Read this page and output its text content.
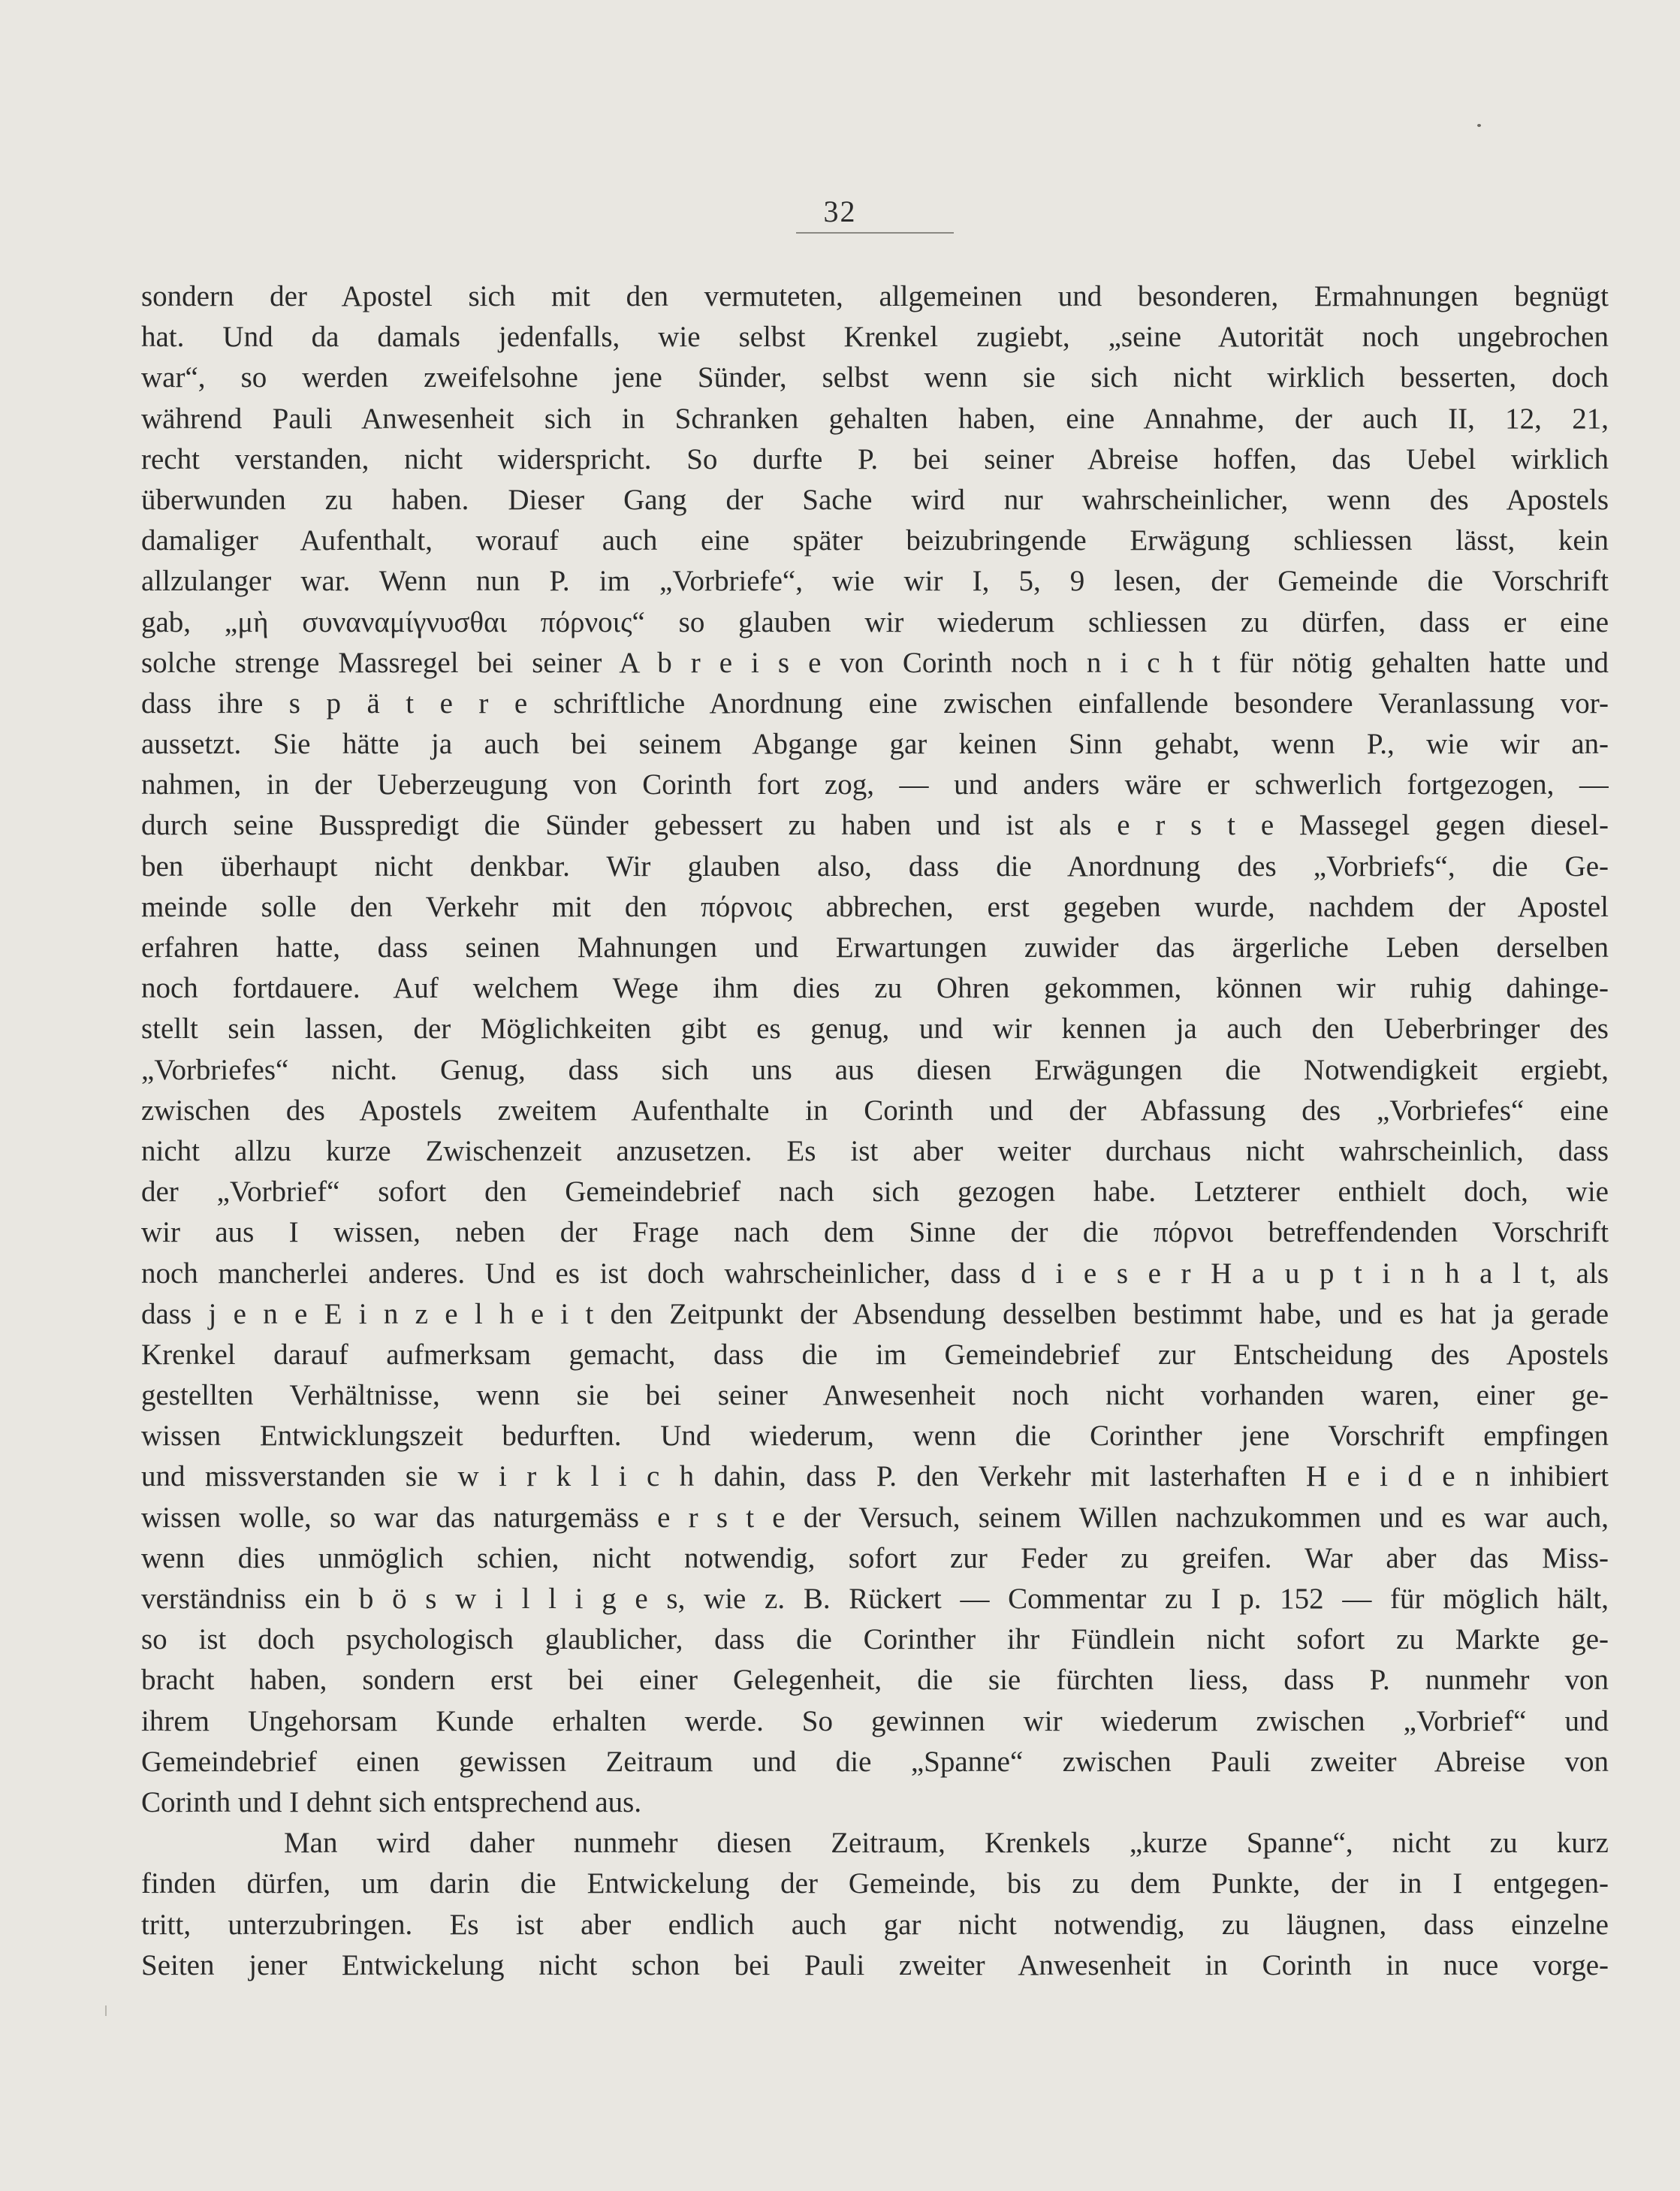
32
sondern der Apostel sich mit den vermuteten, allgemeinen und besonderen, Ermahnungen begnügt
hat. Und da damals jedenfalls, wie selbst Krenkel zugiebt, „seine Autorität noch ungebrochen
war“, so werden zweifelsohne jene Sünder, selbst wenn sie sich nicht wirklich besserten, doch
während Pauli Anwesenheit sich in Schranken gehalten haben, eine Annahme, der auch II, 12, 21,
recht verstanden, nicht widerspricht. So durfte P. bei seiner Abreise hoffen, das Uebel wirklich
überwunden zu haben. Dieser Gang der Sache wird nur wahrscheinlicher, wenn des Apostels
damaliger Aufenthalt, worauf auch eine später beizubringende Erwägung schliessen lässt, kein
allzulanger war. Wenn nun P. im „Vorbriefe“, wie wir I, 5, 9 lesen, der Gemeinde die Vorschrift
gab, „μὴ συναναμίγνυσθαι πόρνοις“ so glauben wir wiederum schliessen zu dürfen, dass er eine
solche strenge Massregel bei seiner A b r e i s e von Corinth noch n i c h t für nötig gehalten hatte und
dass ihre s p ä t e r e schriftliche Anordnung eine zwischen einfallende besondere Veranlassung vor-
aussetzt. Sie hätte ja auch bei seinem Abgange gar keinen Sinn gehabt, wenn P., wie wir an-
nahmen, in der Ueberzeugung von Corinth fort zog, — und anders wäre er schwerlich fortgezogen, —
durch seine Busspredigt die Sünder gebessert zu haben und ist als e r s t e Massegel gegen diesel-
ben überhaupt nicht denkbar. Wir glauben also, dass die Anordnung des „Vorbriefs“, die Ge-
meinde solle den Verkehr mit den πόρνοις abbrechen, erst gegeben wurde, nachdem der Apostel
erfahren hatte, dass seinen Mahnungen und Erwartungen zuwider das ärgerliche Leben derselben
noch fortdauere. Auf welchem Wege ihm dies zu Ohren gekommen, können wir ruhig dahinge-
stellt sein lassen, der Möglichkeiten gibt es genug, und wir kennen ja auch den Ueberbringer des
„Vorbriefes“ nicht. Genug, dass sich uns aus diesen Erwägungen die Notwendigkeit ergiebt,
zwischen des Apostels zweitem Aufenthalte in Corinth und der Abfassung des „Vorbriefes“ eine
nicht allzu kurze Zwischenzeit anzusetzen. Es ist aber weiter durchaus nicht wahrscheinlich, dass
der „Vorbrief“ sofort den Gemeindebrief nach sich gezogen habe. Letzterer enthielt doch, wie
wir aus I wissen, neben der Frage nach dem Sinne der die πόρνοι betreffendenden Vorschrift
noch mancherlei anderes. Und es ist doch wahrscheinlicher, dass d i e s e r H a u p t i n h a l t, als
dass j e n e E i n z e l h e i t den Zeitpunkt der Absendung desselben bestimmt habe, und es hat ja gerade
Krenkel darauf aufmerksam gemacht, dass die im Gemeindebrief zur Entscheidung des Apostels
gestellten Verhältnisse, wenn sie bei seiner Anwesenheit noch nicht vorhanden waren, einer ge-
wissen Entwicklungszeit bedurften. Und wiederum, wenn die Corinther jene Vorschrift empfingen
und missverstanden sie w i r k l i c h dahin, dass P. den Verkehr mit lasterhaften H e i d e n inhibiert
wissen wolle, so war das naturgemäss e r s t e der Versuch, seinem Willen nachzukommen und es war auch,
wenn dies unmöglich schien, nicht notwendig, sofort zur Feder zu greifen. War aber das Miss-
verständniss ein b ö s w i l l i g e s, wie z. B. Rückert — Commentar zu I p. 152 — für möglich hält,
so ist doch psychologisch glaublicher, dass die Corinther ihr Fündlein nicht sofort zu Markte ge-
bracht haben, sondern erst bei einer Gelegenheit, die sie fürchten liess, dass P. nunmehr von
ihrem Ungehorsam Kunde erhalten werde. So gewinnen wir wiederum zwischen „Vorbrief“ und
Gemeindebrief einen gewissen Zeitraum und die „Spanne“ zwischen Pauli zweiter Abreise von
Corinth und I dehnt sich entsprechend aus.
Man wird daher nunmehr diesen Zeitraum, Krenkels „kurze Spanne“, nicht zu kurz
finden dürfen, um darin die Entwickelung der Gemeinde, bis zu dem Punkte, der in I entgegen-
tritt, unterzubringen. Es ist aber endlich auch gar nicht notwendig, zu läugnen, dass einzelne
Seiten jener Entwickelung nicht schon bei Pauli zweiter Anwesenheit in Corinth in nuce vorge-
